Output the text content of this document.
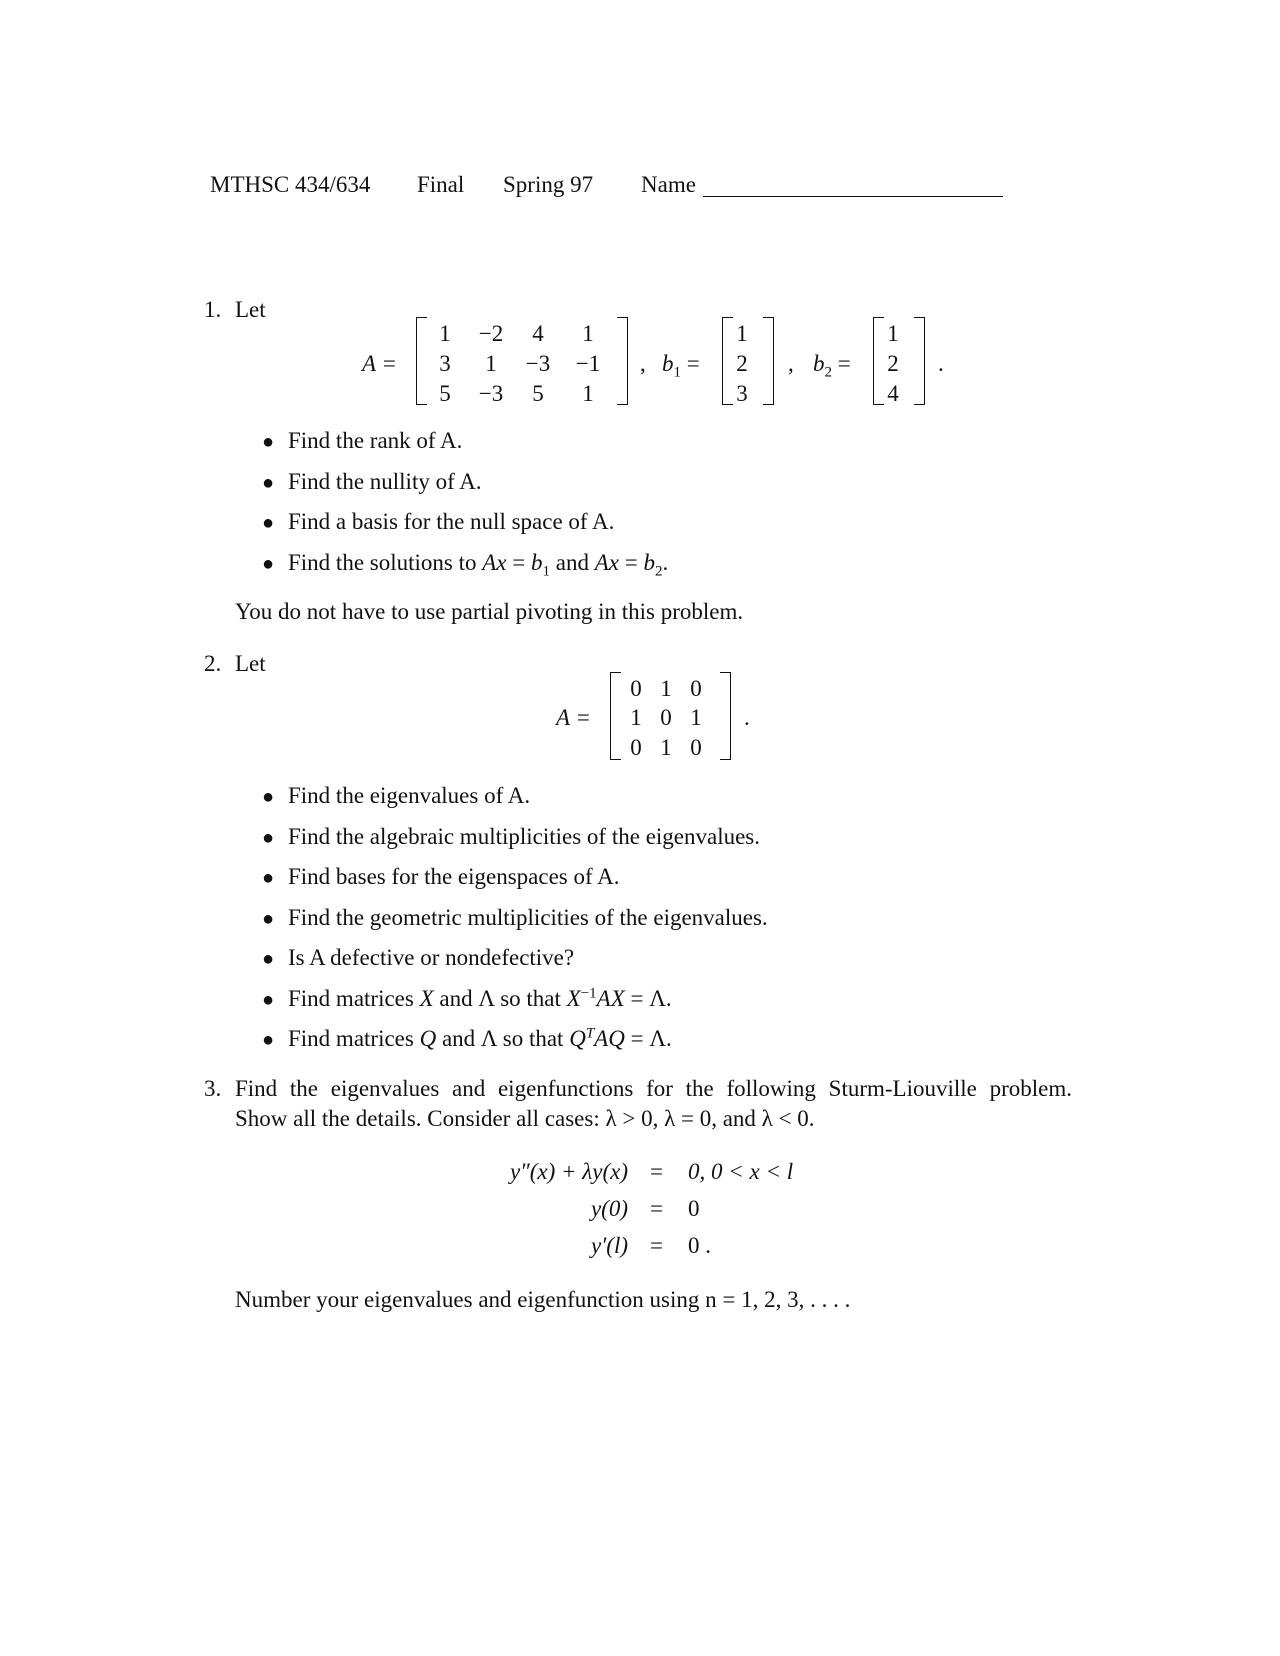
MTHSC 434/634 Final Spring 97 Name
1. Let
A =
1	−2	4	1
3	1	−3 −1
5	−3	5	1
, $b_1$ =
1
2
3
, $b_2$ =
1
2
4
.
● Find the rank of A.
● Find the nullity of A.
● Find a basis for the null space of A.
● Find the solutions to $Ax = b_1$ and $Ax = b_2$.
You do not have to use partial pivoting in this problem.
2. Let
A =
0 1 0
1 0 1
0 1 0
.
● Find the eigenvalues of A.
● Find the algebraic multiplicities of the eigenvalues.
● Find bases for the eigenspaces of A.
● Find the geometric multiplicities of the eigenvalues.
● Is A defective or nondefective?
● Find matrices X and Λ so that $X^{-1}AX = \Lambda$.
● Find matrices Q and Λ so that $Q^TAQ = \Lambda$.
3. Find the eigenvalues and eigenfunctions for the following Sturm-Liouville problem.
Show all the details. Consider all cases: λ > 0, λ = 0, and λ < 0.
y″(x) + λy(x) = 0, 0 < x < l
y(0) = 0
y′(l) = 0 .
Number your eigenvalues and eigenfunction using n = 1, 2, 3, . . . .
